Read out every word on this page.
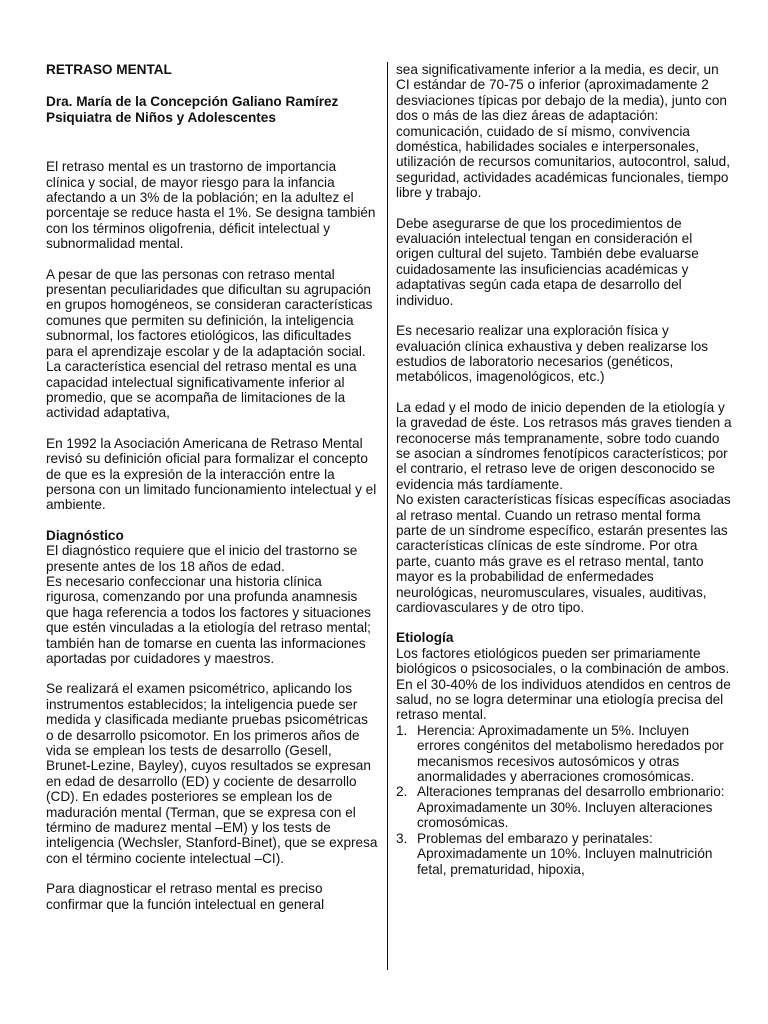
RETRASO MENTAL

Dra. María de la Concepción Galiano Ramírez
Psiquiatra de Niños y Adolescentes

El retraso mental es un trastorno de importancia clínica y social, de mayor riesgo para la infancia afectando a un 3% de la población; en la adultez el porcentaje se reduce hasta el 1%. Se designa también con los términos oligofrenia, déficit intelectual y subnormalidad mental.

A pesar de que las personas con retraso mental presentan peculiaridades que dificultan su agrupación en grupos homogéneos, se consideran características comunes que permiten su definición, la inteligencia subnormal, los factores etiológicos, las dificultades para el aprendizaje escolar y de la adaptación social. La característica esencial del retraso mental es una capacidad intelectual significativamente inferior al promedio, que se acompaña de limitaciones de la actividad adaptativa,

En 1992 la Asociación Americana de Retraso Mental revisó su definición oficial para formalizar el concepto de que es la expresión de la interacción entre la persona con un limitado funcionamiento intelectual y el ambiente.

Diagnóstico

El diagnóstico requiere que el inicio del trastorno se presente antes de los 18 años de edad.

Es necesario confeccionar una historia clínica rigurosa, comenzando por una profunda anamnesis que haga referencia a todos los factores y situaciones que estén vinculadas a la etiología del retraso mental; también han de tomarse en cuenta las informaciones aportadas por cuidadores y maestros.

Se realizará el examen psicométrico, aplicando los instrumentos establecidos; la inteligencia puede ser medida y clasificada mediante pruebas psicométricas o de desarrollo psicomotor. En los primeros años de vida se emplean los tests de desarrollo (Gesell, Brunet-Lezine, Bayley), cuyos resultados se expresan en edad de desarrollo (ED) y cociente de desarrollo (CD). En edades posteriores se emplean los de maduración mental (Terman, que se expresa con el término de madurez mental –EM) y los tests de inteligencia (Wechsler, Stanford-Binet), que se expresa con el término cociente intelectual –CI).

Para diagnosticar el retraso mental es preciso confirmar que la función intelectual en general

sea significativamente inferior a la media, es decir, un CI estándar de 70-75 o inferior (aproximadamente 2 desviaciones típicas por debajo de la media), junto con dos o más de las diez áreas de adaptación: comunicación, cuidado de sí mismo, convivencia doméstica, habilidades sociales e interpersonales, utilización de recursos comunitarios, autocontrol, salud, seguridad, actividades académicas funcionales, tiempo libre y trabajo.

Debe asegurarse de que los procedimientos de evaluación intelectual tengan en consideración el origen cultural del sujeto. También debe evaluarse cuidadosamente las insuficiencias académicas y adaptativas según cada etapa de desarrollo del individuo.

Es necesario realizar una exploración física y evaluación clínica exhaustiva y deben realizarse los estudios de laboratorio necesarios (genéticos, metabólicos, imagenológicos, etc.)

La edad y el modo de inicio dependen de la etiología y la gravedad de éste. Los retrasos más graves tienden a reconocerse más tempranamente, sobre todo cuando se asocian a síndromes fenotípicos característicos; por el contrario, el retraso leve de origen desconocido se evidencia más tardíamente.

No existen características físicas específicas asociadas al retraso mental. Cuando un retraso mental forma parte de un síndrome específico, estarán presentes las características clínicas de este síndrome. Por otra parte, cuanto más grave es el retraso mental, tanto mayor es la probabilidad de enfermedades neurológicas, neuromusculares, visuales, auditivas, cardiovasculares y de otro tipo.

Etiología

Los factores etiológicos pueden ser primariamente biológicos o psicosociales, o la combinación de ambos. En el 30-40% de los individuos atendidos en centros de salud, no se logra determinar una etiología precisa del retraso mental.

1. Herencia: Aproximadamente un 5%. Incluyen errores congénitos del metabolismo heredados por mecanismos recesivos autosómicos y otras anormalidades y aberraciones cromosómicas.
2. Alteraciones tempranas del desarrollo embrionario: Aproximadamente un 30%. Incluyen alteraciones cromosómicas.
3. Problemas del embarazo y perinatales: Aproximadamente un 10%. Incluyen malnutrición fetal, prematuridad, hipoxia,
